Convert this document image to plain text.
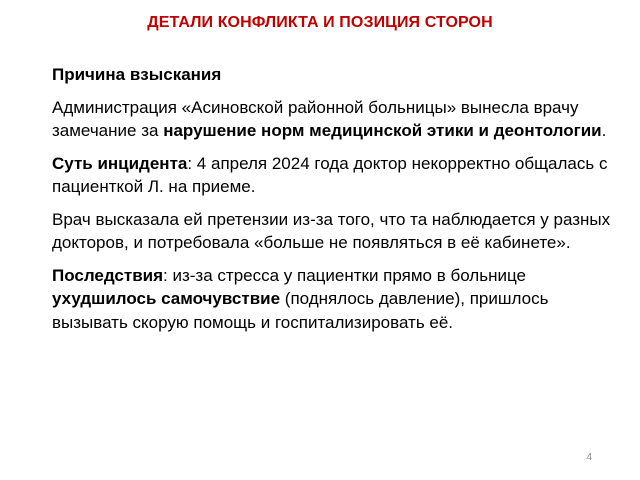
ДЕТАЛИ КОНФЛИКТА И ПОЗИЦИЯ СТОРОН

Причина взыскания

Администрация «Асиновской районной больницы» вынесла врачу замечание за нарушение норм медицинской этики и деонтологии.

Суть инцидента: 4 апреля 2024 года доктор некорректно общалась с пациенткой Л. на приеме.

Врач высказала ей претензии из-за того, что та наблюдается у разных докторов, и потребовала «больше не появляться в её кабинете».

Последствия: из-за стресса у пациентки прямо в больнице ухудшилось самочувствие (поднялось давление), пришлось вызывать скорую помощь и госпитализировать её.

4
